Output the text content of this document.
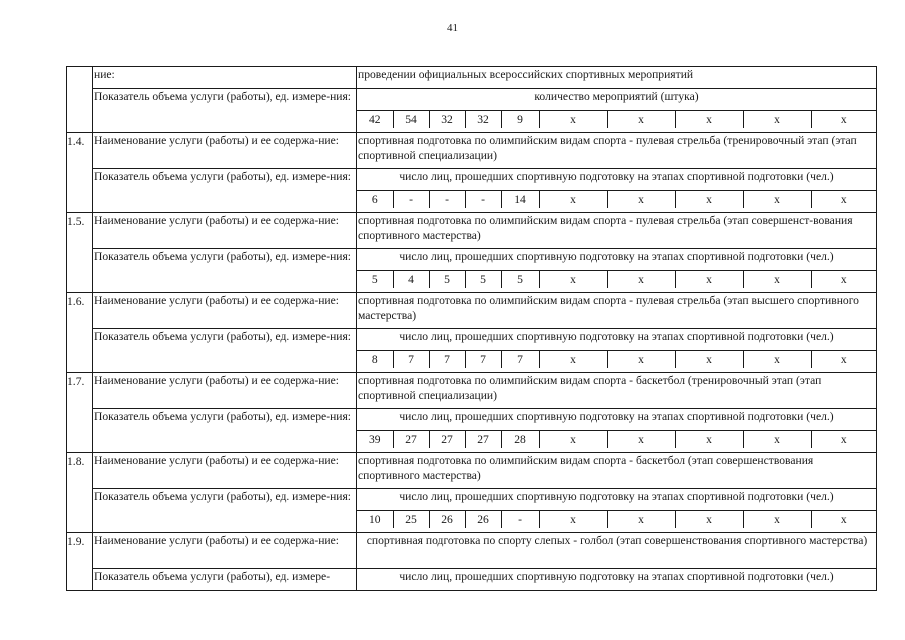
41
	ние:	проведении официальных всероссийских спортивных мероприятий
Показатель объема услуги (работы), ед. измере-ния:	количество мероприятий (штука)

42	54	32	32	9	x	x	x	x	x

1.4.	Наименование услуги (работы) и ее содержа-ние:	спортивная подготовка по олимпийским видам спорта - пулевая стрельба (тренировочный этап (этап спортивной специализации)
Показатель объема услуги (работы), ед. измере-ния:	число лиц, прошедших спортивную подготовку на этапах спортивной подготовки (чел.)

6	-	-	-	14	x	x	x	x	x

1.5.	Наименование услуги (работы) и ее содержа-ние:	спортивная подготовка по олимпийским видам спорта - пулевая стрельба (этап совершенст-вования спортивного мастерства)
Показатель объема услуги (работы), ед. измере-ния:	число лиц, прошедших спортивную подготовку на этапах спортивной подготовки (чел.)

5	4	5	5	5	x	x	x	x	x

1.6.	Наименование услуги (работы) и ее содержа-ние:	спортивная подготовка по олимпийским видам спорта - пулевая стрельба (этап высшего спортивного мастерства)
Показатель объема услуги (работы), ед. измере-ния:	число лиц, прошедших спортивную подготовку на этапах спортивной подготовки (чел.)

8	7	7	7	7	x	x	x	x	x

1.7.	Наименование услуги (работы) и ее содержа-ние:	спортивная подготовка по олимпийским видам спорта - баскетбол (тренировочный этап (этап спортивной специализации)
Показатель объема услуги (работы), ед. измере-ния:	число лиц, прошедших спортивную подготовку на этапах спортивной подготовки (чел.)

39	27	27	27	28	x	x	x	x	x

1.8.	Наименование услуги (работы) и ее содержа-ние:	спортивная подготовка по олимпийским видам спорта - баскетбол (этап совершенствования спортивного мастерства)
Показатель объема услуги (работы), ед. измере-ния:	число лиц, прошедших спортивную подготовку на этапах спортивной подготовки (чел.)

10	25	26	26	-	x	x	x	x	x

1.9.	Наименование услуги (работы) и ее содержа-ние:	спортивная подготовка по спорту слепых - голбол (этап совершенствования спортивного мастерства)
Показатель объема услуги (работы), ед. измере-	число лиц, прошедших спортивную подготовку на этапах спортивной подготовки (чел.)
